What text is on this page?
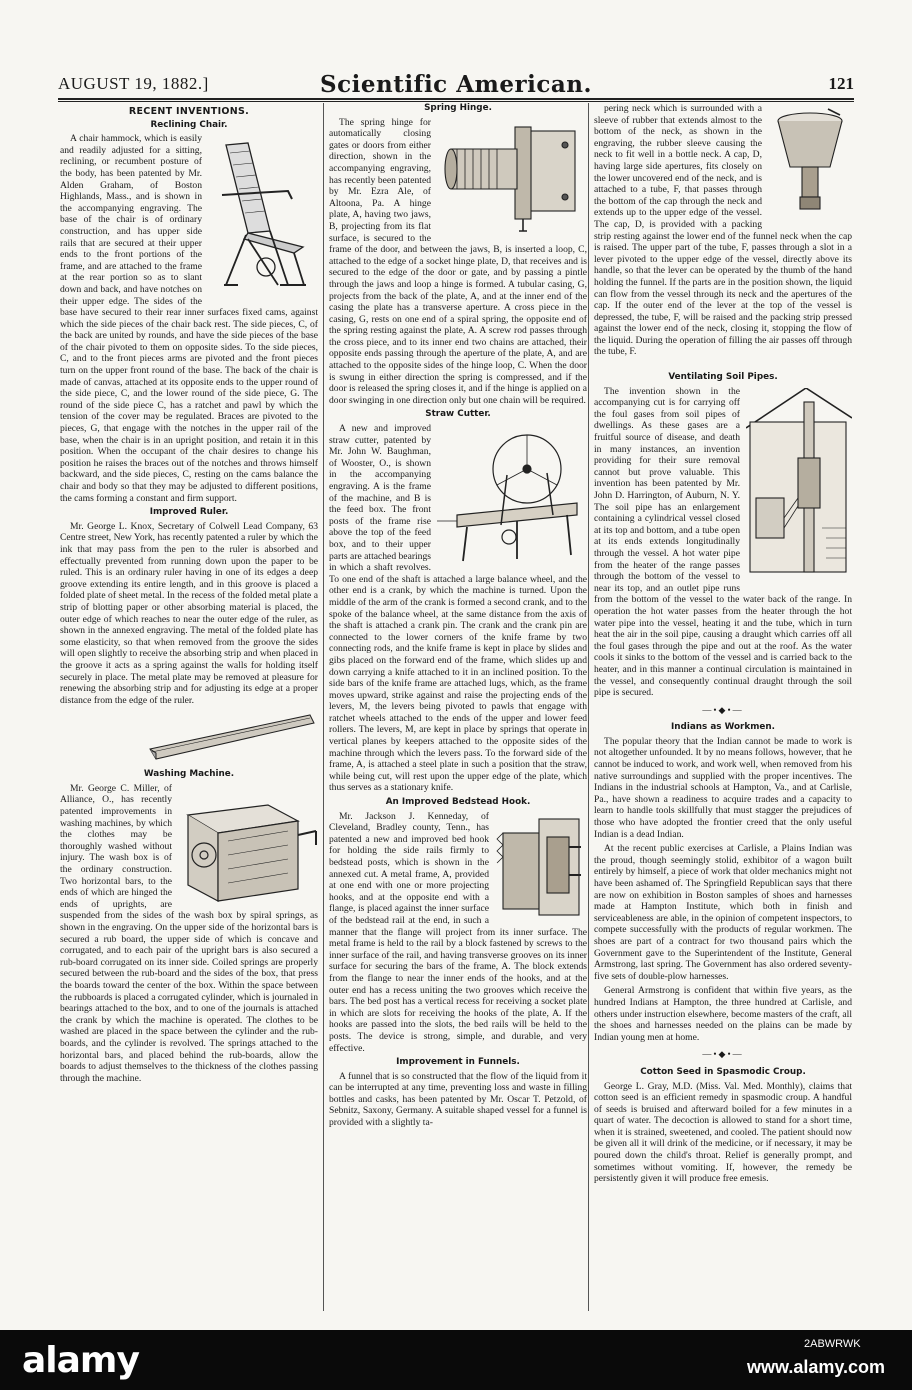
AUGUST 19, 1882.]	Scientific American.	121
RECENT INVENTIONS.
Reclining Chair.

A chair hammock, which is easily and readily adjusted for a sitting, reclining, or recumbent posture of the body, has been patented by Mr. Alden Graham, of Boston Highlands, Mass., and is shown in the accompanying engraving. The base of the chair is of ordinary construction, and has upper side rails that are secured at their upper ends to the front portions of the frame, and are attached to the frame at the rear portion so as to slant down and back, and have notches on their upper edge. The sides of the base have secured to their rear inner surfaces fixed cams, against which the side pieces of the chair back rest. The side pieces, C, of the back are united by rounds, and have the side pieces of the base of the chair pivoted to them on opposite sides. To the side pieces, C, and to the front pieces arms are pivoted and the front pieces turn on the upper front round of the base. The back of the chair is made of canvas, attached at its opposite ends to the upper round of the side piece, C, and the lower round of the side piece, G. The round of the side piece C, has a ratchet and pawl by which the tension of the cover may be regulated. Braces are pivoted to the pieces, G, that engage with the notches in the upper rail of the base, when the chair is in an upright position, and retain it in this position. When the occupant of the chair desires to change his position he raises the braces out of the notches and throws himself backward, and the side pieces, C, resting on the cams balance the chair and body so that they may be adjusted to different positions, the cams forming a constant and firm support.

Improved Ruler.

Mr. George L. Knox, Secretary of Colwell Lead Company, 63 Centre street, New York, has recently patented a ruler by which the ink that may pass from the pen to the ruler is absorbed and effectually prevented from running down upon the paper to be ruled. This is an ordinary ruler having in one of its edges a deep groove extending its entire length, and in this groove is placed a folded plate of sheet metal. In the recess of the folded metal plate a strip of blotting paper or other absorbing material is placed, the outer edge of which reaches to near the outer edge of the ruler, as shown in the annexed engraving. The metal of the folded plate has some elasticity, so that when removed from the groove the sides will open slightly to receive the absorbing strip and when placed in the groove it acts as a spring against the walls for holding itself securely in place. The metal plate may be removed at pleasure for renewing the absorbing strip and for adjusting its edge at a proper distance from the edge of the ruler.

Washing Machine.

Mr. George C. Miller, of Alliance, O., has recently patented improvements in washing machines, by which the clothes may be thoroughly washed without injury. The wash box is of the ordinary construction. Two horizontal bars, to the ends of which are hinged the ends of uprights, are suspended from the sides of the wash box by spiral springs, as shown in the engraving. On the upper side of the horizontal bars is secured a rub board, the upper side of which is concave and corrugated, and to each pair of the upright bars is also secured a rub-board corrugated on its inner side. Coiled springs are properly secured between the rub-board and the sides of the box, that press the boards toward the center of the box. Within the space between the rubboards is placed a corrugated cylinder, which is journaled in bearings attached to the box, and to one of the journals is attached the crank by which the machine is operated. The clothes to be washed are placed in the space between the cylinder and the rub-boards, and the cylinder is revolved. The springs attached to the horizontal bars, and placed behind the rub-boards, allow the boards to adjust themselves to the thickness of the clothes passing through the machine.

Spring Hinge.

The spring hinge for automatically closing gates or doors from either direction, shown in the accompanying engraving, has recently been patented by Mr. Ezra Ale, of Altoona, Pa. A hinge plate, A, having two jaws, B, projecting from its flat surface, is secured to the frame of the door, and between the jaws, B, is inserted a loop, C, attached to the edge of a socket hinge plate, D, that receives and is secured to the edge of the door or gate, and by passing a pintle through the jaws and loop a hinge is formed. A tubular casing, G, projects from the back of the plate, A, and at the inner end of the casing the plate has a transverse aperture. A cross piece in the casing, G, rests on one end of a spiral spring, the opposite end of the spring resting against the plate, A. A screw rod passes through the cross piece, and to its inner end two chains are attached, their opposite ends passing through the aperture of the plate, A, and are attached to the opposite sides of the hinge loop, C. When the door is swung in either direction the spring is compressed, and if the door is released the spring closes it, and if the hinge is applied on a door swinging in one direction only but one chain will be required.

Straw Cutter.

A new and improved straw cutter, patented by Mr. John W. Baughman, of Wooster, O., is shown in the accompanying engraving. A is the frame of the machine, and B is the feed box. The front posts of the frame rise above the top of the feed box, and to their upper parts are attached bearings in which a shaft revolves. To one end of the shaft is attached a large balance wheel, and the other end is a crank, by which the machine is turned. Upon the middle of the arm of the crank is formed a second crank, and to the spoke of the balance wheel, at the same distance from the axis of the shaft is attached a crank pin. The crank and the crank pin are connected to the lower corners of the knife frame by two connecting rods, and the knife frame is kept in place by slides and gibs placed on the forward end of the frame, which slides up and down carrying a knife attached to it in an inclined position. To the side bars of the knife frame are attached lugs, which, as the frame moves upward, strike against and raise the projecting ends of the levers, M, the levers being pivoted to pawls that engage with ratchet wheels attached to the ends of the upper and lower feed rollers. The levers, M, are kept in place by springs that operate in vertical planes by keepers attached to the opposite sides of the machine through which the levers pass. To the forward side of the frame, A, is attached a steel plate in such a position that the straw, while being cut, will rest upon the upper edge of the plate, which thus serves as a stationary knife.

An Improved Bedstead Hook.

Mr. Jackson J. Kenneday, of Cleveland, Bradley county, Tenn., has patented a new and improved bed hook for holding the side rails firmly to bedstead posts, which is shown in the annexed cut. A metal frame, A, provided at one end with one or more projecting hooks, and at the opposite end with a flange, is placed against the inner surface of the bedstead rail at the end, in such a manner that the flange will project from its inner surface. The metal frame is held to the rail by a block fastened by screws to the inner surface of the rail, and having transverse grooves on its inner surface for securing the bars of the frame, A. The block extends from the flange to near the inner ends of the hooks, and at the outer end has a recess uniting the two grooves which receive the bars. The bed post has a vertical recess for receiving a socket plate in which are slots for receiving the hooks of the plate, A. If the hooks are passed into the slots, the bed rails will be held to the posts. The device is strong, simple, and durable, and very effective.

Improvement in Funnels.

A funnel that is so constructed that the flow of the liquid from it can be interrupted at any time, preventing loss and waste in filling bottles and casks, has been patented by Mr. Oscar T. Petzold, of Sebnitz, Saxony, Germany. A suitable shaped vessel for a funnel is provided with a slightly ta-

pering neck which is surrounded with a sleeve of rubber that extends almost to the bottom of the neck, as shown in the engraving, the rubber sleeve causing the neck to fit well in a bottle neck. A cap, D, having large side apertures, fits closely on the lower uncovered end of the neck, and is attached to a tube, F, that passes through the bottom of the cap through the neck and extends up to the upper edge of the vessel. The cap, D, is provided with a packing strip resting against the lower end of the funnel neck when the cap is raised. The upper part of the tube, F, passes through a slot in a lever pivoted to the upper edge of the vessel, directly above its handle, so that the lever can be operated by the thumb of the hand holding the funnel. If the parts are in the position shown, the liquid can flow from the vessel through its neck and the apertures of the cap. If the outer end of the lever at the top of the vessel is depressed, the tube, F, will be raised and the packing strip pressed against the lower end of the neck, closing it, stopping the flow of the liquid. During the operation of filling the air passes off through the tube, F.

Ventilating Soil Pipes.

The invention shown in the accompanying cut is for carrying off the foul gases from soil pipes of dwellings. As these gases are a fruitful source of disease, and death in many instances, an invention providing for their sure removal cannot but prove valuable. This invention has been patented by Mr. John D. Harrington, of Auburn, N. Y. The soil pipe has an enlargement containing a cylindrical vessel closed at its top and bottom, and a tube open at its ends extends longitudinally through the vessel. A hot water pipe from the heater of the range passes through the bottom of the vessel to near its top, and an outlet pipe runs from the bottom of the vessel to the water back of the range. In operation the hot water passes from the heater through the hot water pipe into the vessel, heating it and the tube, which in turn heat the air in the soil pipe, causing a draught which carries off all the foul gases through the pipe and out at the roof. As the water cools it sinks to the bottom of the vessel and is carried back to the heater, and in this manner a continual circulation is maintained in the vessel, and consequently continual draught through the soil pipe is secured.

—•◆•—
Indians as Workmen.

The popular theory that the Indian cannot be made to work is not altogether unfounded. It by no means follows, however, that he cannot be induced to work, and work well, when removed from his native surroundings and supplied with the proper incentives. The Indians in the industrial schools at Hampton, Va., and at Carlisle, Pa., have shown a readiness to acquire trades and a capacity to learn to handle tools skillfully that must stagger the prejudices of those who have adopted the frontier creed that the only useful Indian is a dead Indian.

At the recent public exercises at Carlisle, a Plains Indian was the proud, though seemingly stolid, exhibitor of a wagon built entirely by himself, a piece of work that older mechanics might not have been ashamed of. The Springfield Republican says that there are now on exhibition in Boston samples of shoes and harnesses made at Hampton Institute, which both in finish and serviceableness are able, in the opinion of competent inspectors, to compete successfully with the products of regular workmen. The shoes are part of a contract for two thousand pairs which the Government gave to the Superintendent of the Institute, General Armstrong, last spring. The Government has also ordered seventy-five sets of double-plow harnesses.

General Armstrong is confident that within five years, as the hundred Indians at Hampton, the three hundred at Carlisle, and others under instruction elsewhere, become masters of the craft, all the shoes and harnesses needed on the plains can be made by Indian young men at home.

—•◆•—
Cotton Seed in Spasmodic Croup.

George L. Gray, M.D. (Miss. Val. Med. Monthly), claims that cotton seed is an efficient remedy in spasmodic croup. A handful of seeds is bruised and afterward boiled for a few minutes in a quart of water. The decoction is allowed to stand for a short time, when it is strained, sweetened, and cooled. The patient should now be given all it will drink of the medicine, or if necessary, it may be poured down the child's throat. Relief is generally prompt, and sometimes without vomiting. If, however, the remedy be persistently given it will produce free emesis.

alamy	2ABWRWK
www.alamy.com
